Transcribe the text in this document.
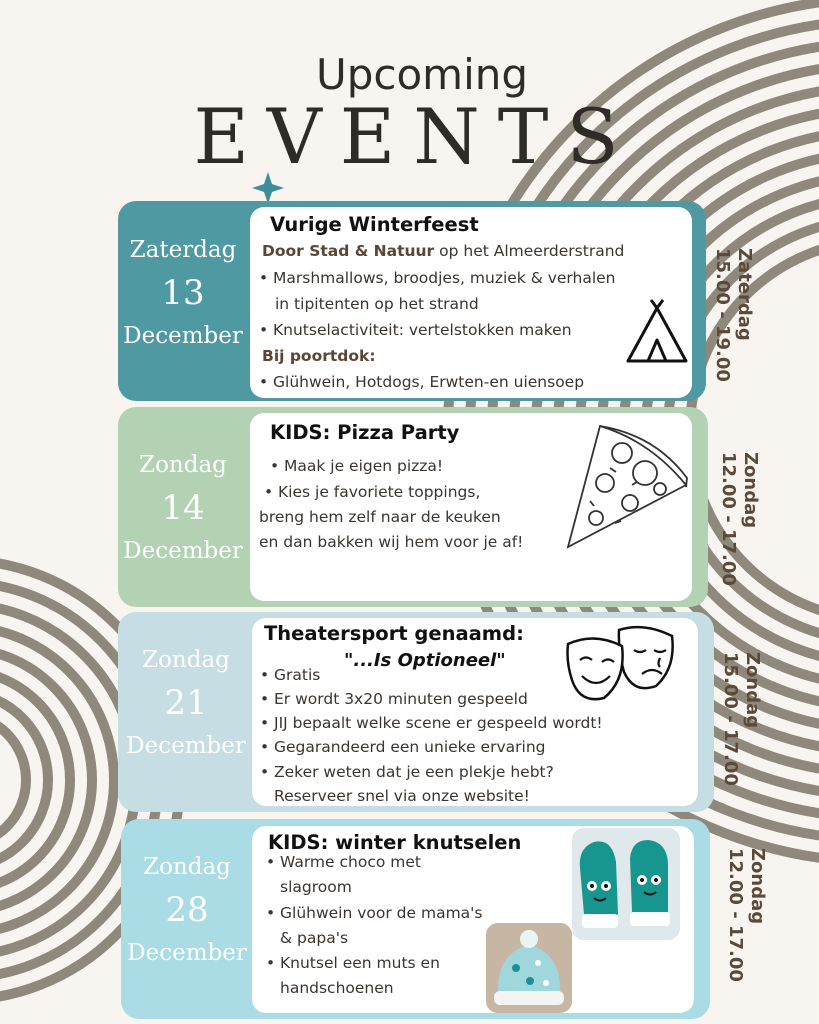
Upcoming
EVENTS
Zaterdag
13
December
Vurige Winterfeest
Door Stad & Natuur op het Almeerderstrand
• Marshmallows, broodjes, muziek & verhalen
in tipitenten op het strand
• Knutselactiviteit: vertelstokken maken
Bij poortdok:
• Glühwein, Hotdogs, Erwten-en uiensoep
Zaterdag
15.00 - 19.00
Zondag
14
December
KIDS: Pizza Party
• Maak je eigen pizza!
• Kies je favoriete toppings,
breng hem zelf naar de keuken
en dan bakken wij hem voor je af!
Zondag
12.00 - 17.00
Zondag
21
December
Theatersport genaamd:
"...Is Optioneel"
• Gratis
• Er wordt 3x20 minuten gespeeld
• JIJ bepaalt welke scene er gespeeld wordt!
• Gegarandeerd een unieke ervaring
• Zeker weten dat je een plekje hebt?
Reserveer snel via onze website!
Zondag
15.00 - 17.00
Zondag
28
December
KIDS: winter knutselen
• Warme choco met
slagroom
• Glühwein voor de mama's
& papa's
• Knutsel een muts en
handschoenen
Zondag
12.00 - 17.00
